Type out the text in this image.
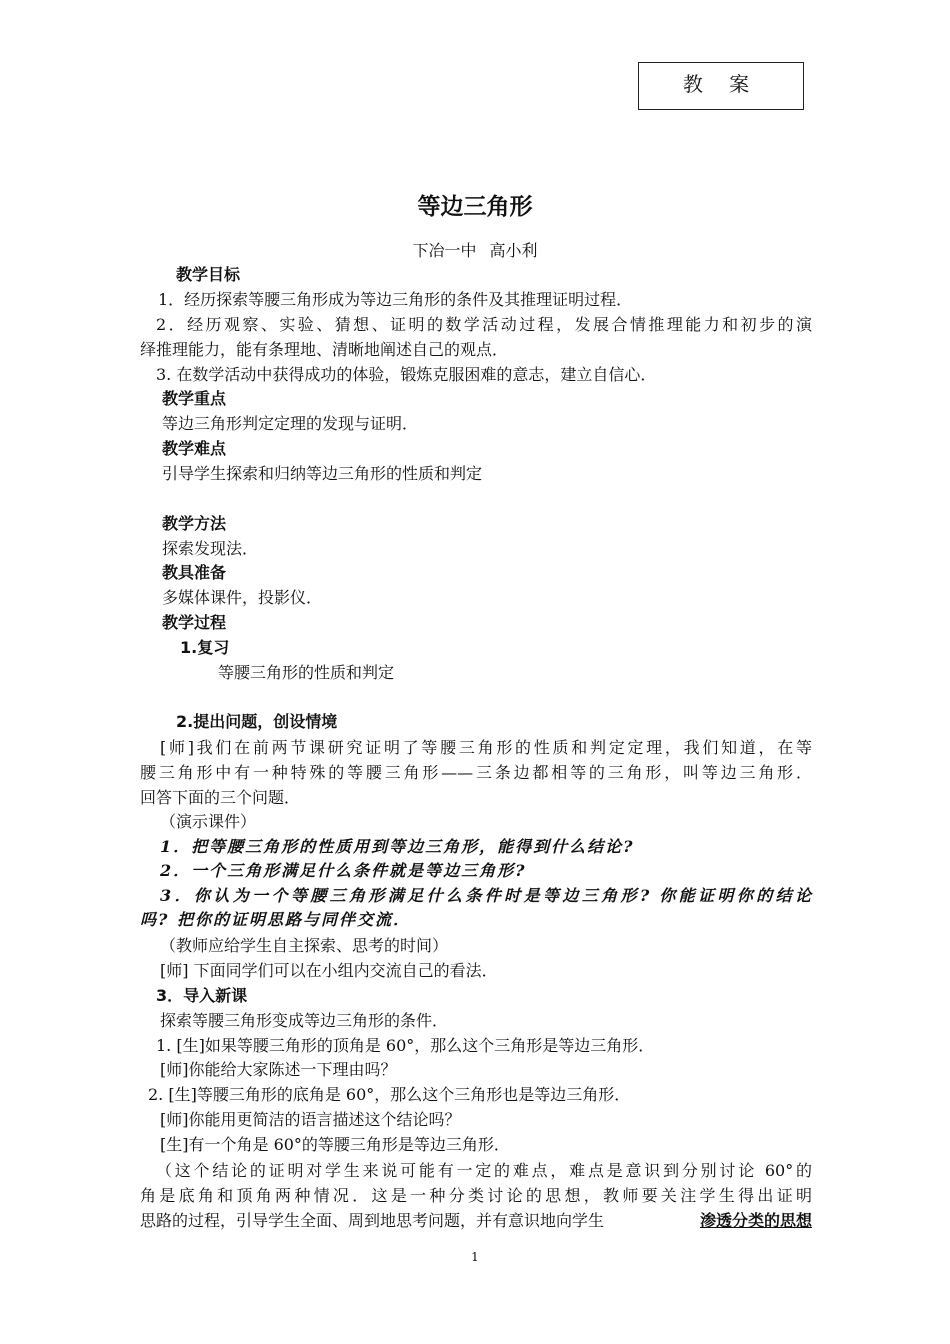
教 案
等边三角形
下冶一中 高小利
教学目标
1．经历探索等腰三角形成为等边三角形的条件及其推理证明过程．
2．经历观察、实验、猜想、证明的数学活动过程，发展合情推理能力和初步的演
绎推理能力，能有条理地、清晰地阐述自己的观点．
3. 在数学活动中获得成功的体验，锻炼克服困难的意志，建立自信心．
教学重点
等边三角形判定定理的发现与证明．
教学难点
引导学生探索和归纳等边三角形的性质和判定
教学方法
探索发现法．
教具准备
多媒体课件，投影仪．
教学过程
1.复习
等腰三角形的性质和判定
2.提出问题，创设情境
[师]我们在前两节课研究证明了等腰三角形的性质和判定定理，我们知道，在等
腰三角形中有一种特殊的等腰三角形——三条边都相等的三角形，叫等边三角形．
回答下面的三个问题．
（演示课件）
1．把等腰三角形的性质用到等边三角形，能得到什么结论?
2．一个三角形满足什么条件就是等边三角形?
3．你认为一个等腰三角形满足什么条件时是等边三角形? 你能证明你的结论
吗? 把你的证明思路与同伴交流．
（教师应给学生自主探索、思考的时间）
[师] 下面同学们可以在小组内交流自己的看法．
3．导入新课
探索等腰三角形变成等边三角形的条件．
1. [生]如果等腰三角形的顶角是 60°，那么这个三角形是等边三角形．
[师]你能给大家陈述一下理由吗？
2. [生]等腰三角形的底角是 60°，那么这个三角形也是等边三角形．
[师]你能用更简洁的语言描述这个结论吗？
[生]有一个角是 60°的等腰三角形是等边三角形．
（这个结论的证明对学生来说可能有一定的难点，难点是意识到分别讨论 60°的
角是底角和顶角两种情况．这是一种分类讨论的思想，教师要关注学生得出证明
思路的过程，引导学生全面、周到地思考问题，并有意识地向学生	渗透分类的思想
1
